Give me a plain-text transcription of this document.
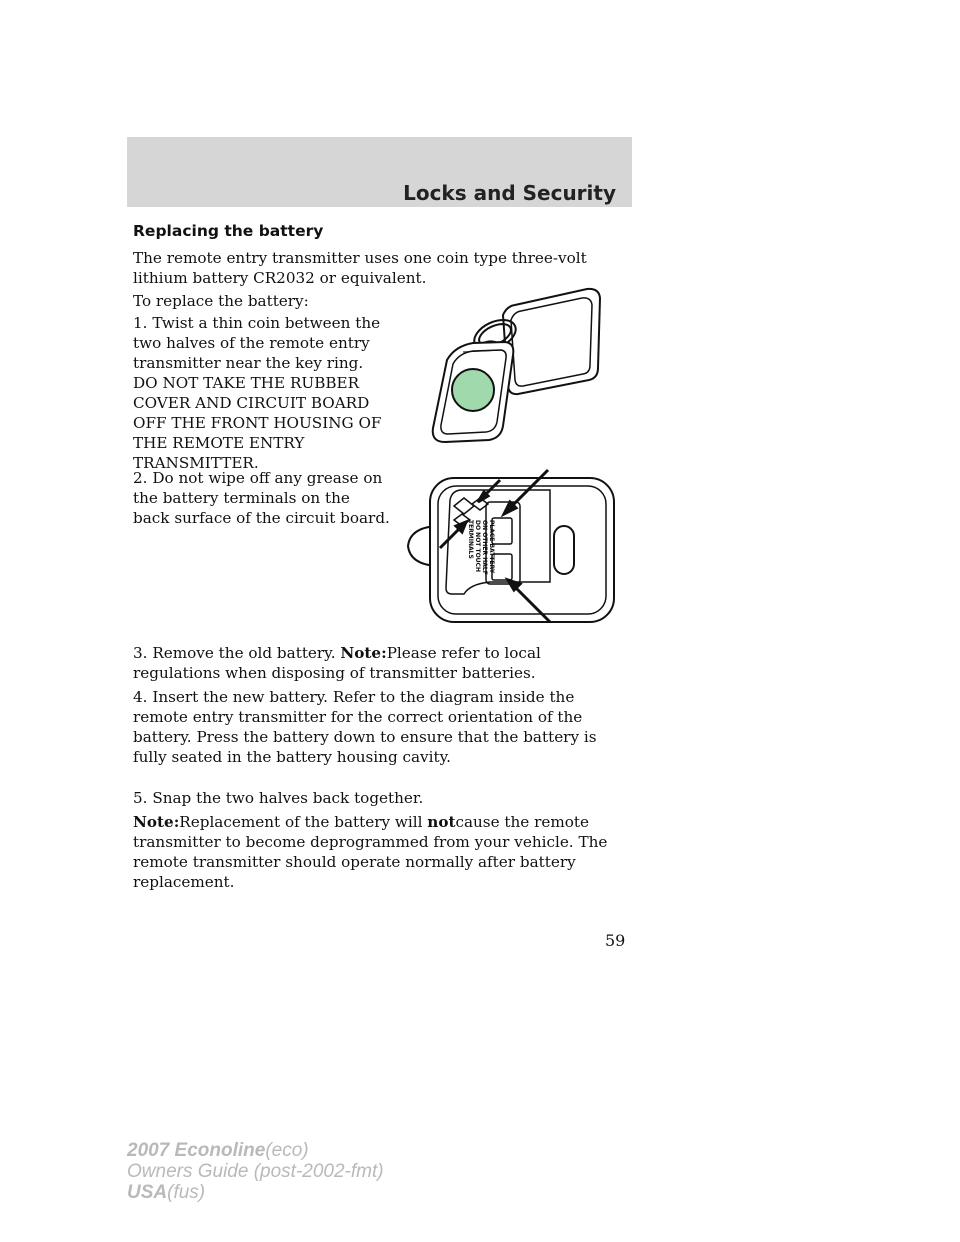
Locks and Security
Replacing the battery

The remote entry transmitter uses one coin type three-volt lithium battery CR2032 or equivalent.

To replace the battery:

1. Twist a thin coin between the two halves of the remote entry transmitter near the key ring. DO NOT TAKE THE RUBBER COVER AND CIRCUIT BOARD OFF THE FRONT HOUSING OF THE REMOTE ENTRY TRANSMITTER.

2. Do not wipe off any grease on the battery terminals on the back surface of the circuit board.

3. Remove the old battery. Note:Please refer to local regulations when disposing of transmitter batteries.

4. Insert the new battery. Refer to the diagram inside the remote entry transmitter for the correct orientation of the battery. Press the battery down to ensure that the battery is fully seated in the battery housing cavity.

5. Snap the two halves back together.

Note:Replacement of the battery will notcause the remote transmitter to become deprogrammed from your vehicle. The remote transmitter should operate normally after battery replacement.

PLACE BATTERY
ON OTHER HALF
DO NOT TOUCH
TERMINALS

59

2007 Econoline(eco)
Owners Guide (post-2002-fmt)
USA(fus)
